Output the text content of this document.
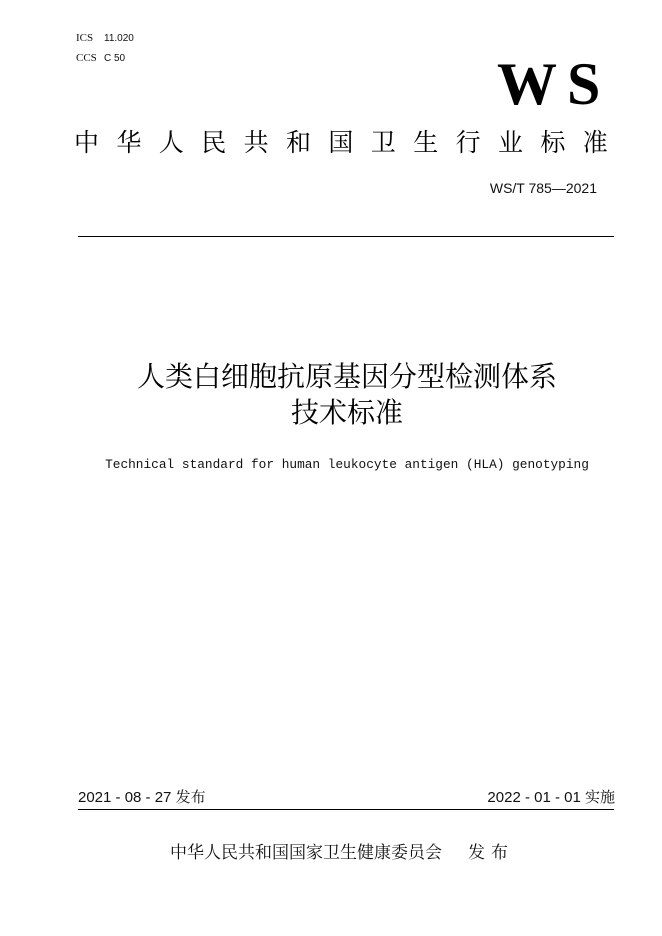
ICS 11.020
CCS C 50	WS
中华人民共和国卫生行业标准
WS/T 785—2021
人类白细胞抗原基因分型检测体系
技术标准
Technical standard for human leukocyte antigen (HLA) genotyping
2021 - 08 - 27 发布	2022 - 01 - 01 实施
中华人民共和国国家卫生健康委员会 发布
